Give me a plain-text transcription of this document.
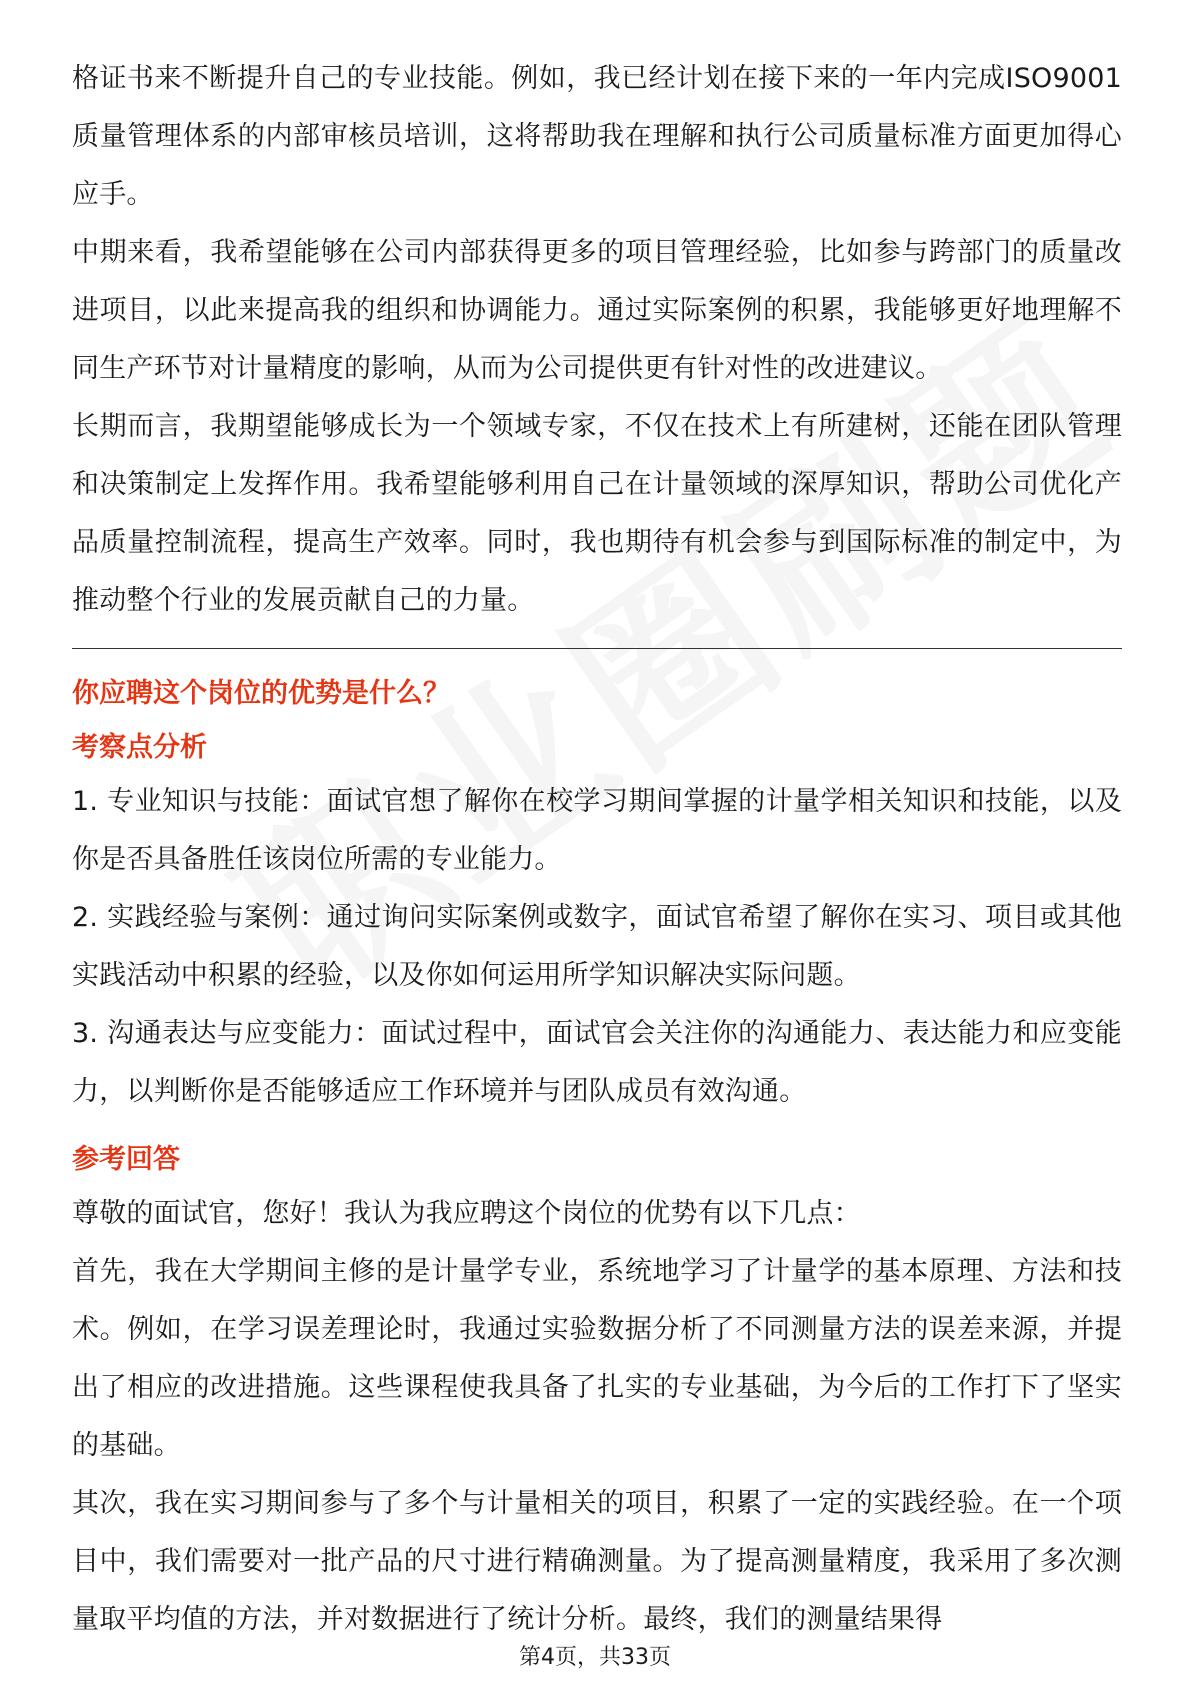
格证书来不断提升自己的专业技能。例如，我已经计划在接下来的一年内完成ISO9001质量管理体系的内部审核员培训，这将帮助我在理解和执行公司质量标准方面更加得心应手。

中期来看，我希望能够在公司内部获得更多的项目管理经验，比如参与跨部门的质量改进项目，以此来提高我的组织和协调能力。通过实际案例的积累，我能够更好地理解不同生产环节对计量精度的影响，从而为公司提供更有针对性的改进建议。

长期而言，我期望能够成长为一个领域专家，不仅在技术上有所建树，还能在团队管理和决策制定上发挥作用。我希望能够利用自己在计量领域的深厚知识，帮助公司优化产品质量控制流程，提高生产效率。同时，我也期待有机会参与到国际标准的制定中，为推动整个行业的发展贡献自己的力量。

你应聘这个岗位的优势是什么？
考察点分析

1. 专业知识与技能：面试官想了解你在校学习期间掌握的计量学相关知识和技能，以及你是否具备胜任该岗位所需的专业能力。

2. 实践经验与案例：通过询问实际案例或数字，面试官希望了解你在实习、项目或其他实践活动中积累的经验，以及你如何运用所学知识解决实际问题。

3. 沟通表达与应变能力：面试过程中，面试官会关注你的沟通能力、表达能力和应变能力，以判断你是否能够适应工作环境并与团队成员有效沟通。

参考回答

尊敬的面试官，您好！我认为我应聘这个岗位的优势有以下几点：

首先，我在大学期间主修的是计量学专业，系统地学习了计量学的基本原理、方法和技术。例如，在学习误差理论时，我通过实验数据分析了不同测量方法的误差来源，并提出了相应的改进措施。这些课程使我具备了扎实的专业基础，为今后的工作打下了坚实的基础。

其次，我在实习期间参与了多个与计量相关的项目，积累了一定的实践经验。在一个项目中，我们需要对一批产品的尺寸进行精确测量。为了提高测量精度，我采用了多次测量取平均值的方法，并对数据进行了统计分析。最终，我们的测量结果得

第4页，共33页
